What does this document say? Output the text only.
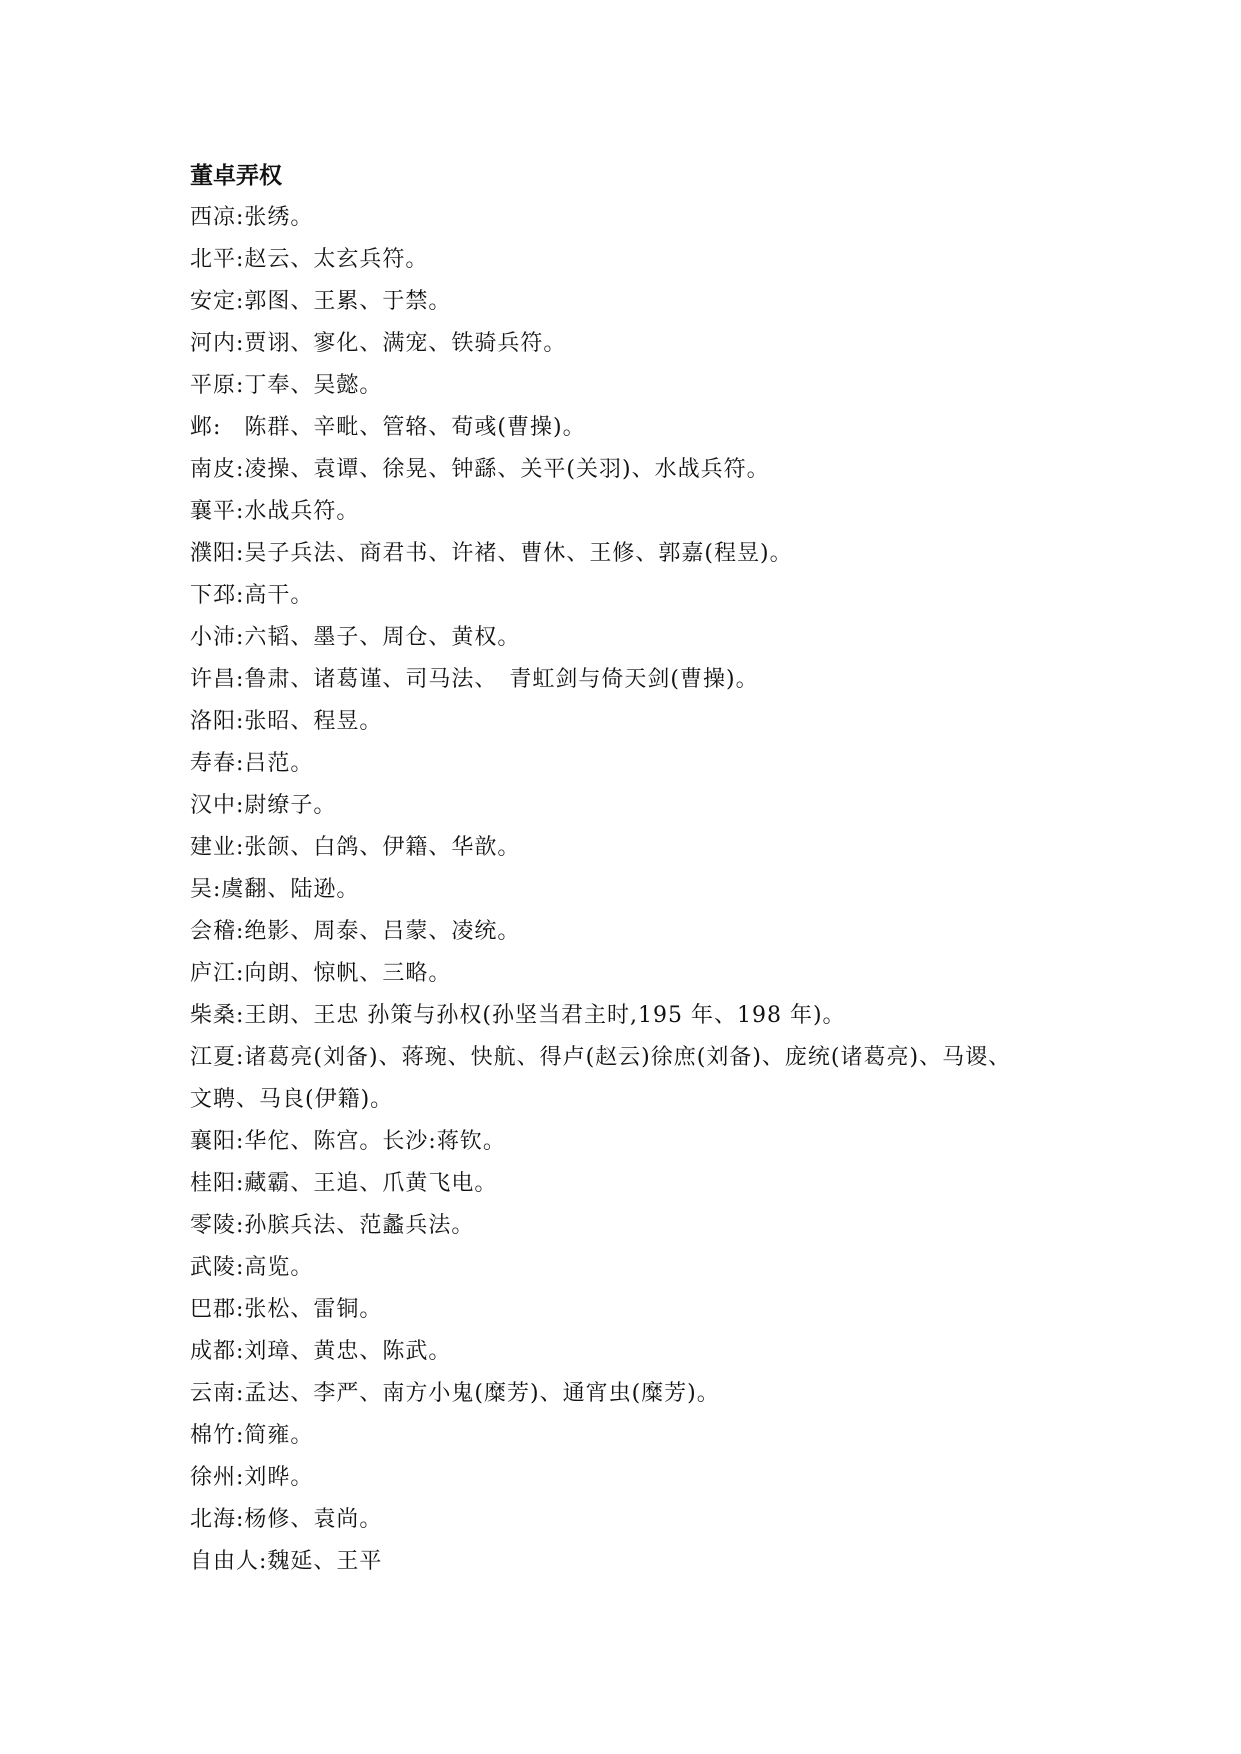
董卓弄权

西凉:张绣。

北平:赵云、太玄兵符。

安定:郭图、王累、于禁。

河内:贾诩、寥化、满宠、铁骑兵符。

平原:丁奉、吴懿。

邺:　陈群、辛毗、管辂、荀彧(曹操)。

南皮:凌操、袁谭、徐晃、钟繇、关平(关羽)、水战兵符。

襄平:水战兵符。

濮阳:吴子兵法、商君书、许褚、曹休、王修、郭嘉(程昱)。

下邳:高干。

小沛:六韬、墨子、周仓、黄权。

许昌:鲁肃、诸葛谨、司马法、　青虹剑与倚天剑(曹操)。

洛阳:张昭、程昱。

寿春:吕范。

汉中:尉缭子。

建业:张颌、白鸽、伊籍、华歆。

吴:虞翻、陆逊。

会稽:绝影、周泰、吕蒙、凌统。

庐江:向朗、惊帆、三略。

柴桑:王朗、王忠 孙策与孙权(孙坚当君主时,195 年、198 年)。

江夏:诸葛亮(刘备)、蒋琬、快航、得卢(赵云)徐庶(刘备)、庞统(诸葛亮)、马谡、

文聘、马良(伊籍)。

襄阳:华佗、陈宫。长沙:蒋钦。

桂阳:藏霸、王追、爪黄飞电。

零陵:孙膑兵法、范蠡兵法。

武陵:高览。

巴郡:张松、雷铜。

成都:刘璋、黄忠、陈武。

云南:孟达、李严、南方小鬼(糜芳)、通宵虫(糜芳)。

棉竹:简雍。

徐州:刘晔。

北海:杨修、袁尚。

自由人:魏延、王平
